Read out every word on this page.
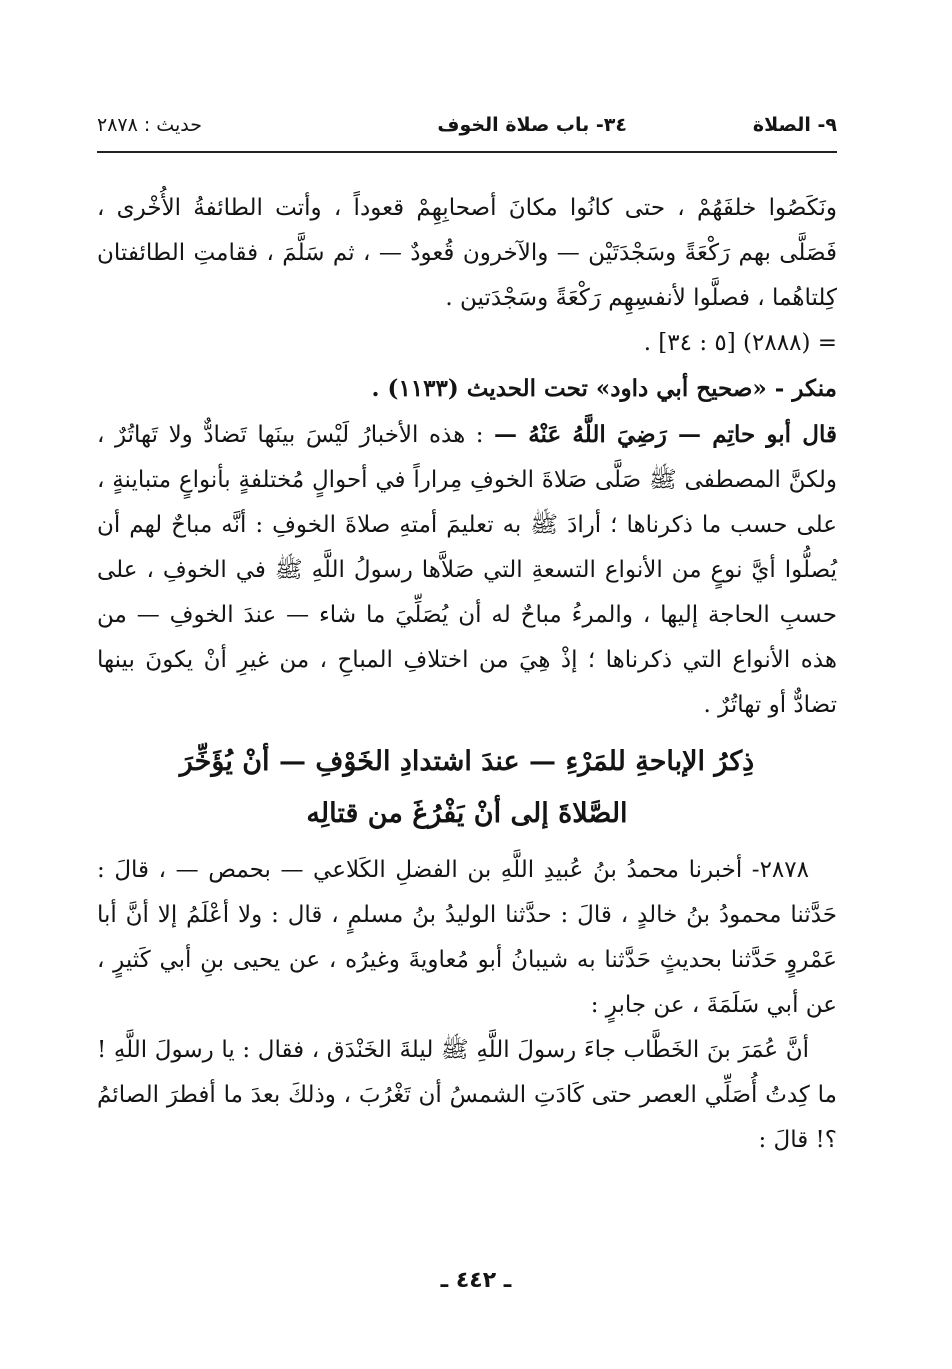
٩- الصلاة
٣٤- باب صلاة الخوف
حديث : ٢٨٧٨

ونَكَصُوا خلفَهُمْ ، حتى كانُوا مكانَ أصحابِهِمْ قعوداً ، وأتت الطائفةُ الأُخْرى ، فَصَلَّى بهم رَكْعَةً وسَجْدَتَيْن — والآخرون قُعودٌ — ، ثم سَلَّمَ ، فقامتِ الطائفتان كِلتاهُما ، فصلَّوا لأنفسِهِم رَكْعَةً وسَجْدَتين .

= (٢٨٨٨) [٥ : ٣٤] .

منكر - «صحيح أبي داود» تحت الحديث (١١٣٣) .

قال أبو حاتِم — رَضِيَ اللَّهُ عَنْهُ — : هذه الأخبارُ لَيْسَ بينَها تَضادٌّ ولا تَهاتُرٌ ، ولكنَّ المصطفى ﷺ صَلَّى صَلاةَ الخوفِ مِراراً في أحوالٍ مُختلفةٍ بأنواعٍ متباينةٍ ، على حسب ما ذكرناها ؛ أرادَ ﷺ به تعليمَ أمتهِ صلاةَ الخوفِ : أنَّه مباحٌ لهم أن يُصلُّوا أيَّ نوعٍ من الأنواع التسعةِ التي صَلاَّها رسولُ اللَّهِ ﷺ في الخوفِ ، على حسبِ الحاجة إليها ، والمرءُ مباحٌ له أن يُصَلِّيَ ما شاء — عندَ الخوفِ — من هذه الأنواع التي ذكرناها ؛ إذْ هِيَ من اختلافِ المباحِ ، من غيرِ أنْ يكونَ بينها تضادٌّ أو تهاتُرٌ .

ذِكرُ الإباحةِ للمَرْءِ — عندَ اشتدادِ الخَوْفِ — أنْ يُؤَخِّرَ
الصَّلاةَ إلى أنْ يَفْرُغَ من قتالِه

٢٨٧٨- أخبرنا محمدُ بنُ عُبيدِ اللَّهِ بن الفضلِ الكَلاعي — بحمص — ، قالَ : حَدَّثنا محمودُ بنُ خالدٍ ، قالَ : حدَّثنا الوليدُ بنُ مسلمٍ ، قال : ولا أعْلَمُ إلا أنَّ أبا عَمْروٍ حَدَّثنا بحديثٍ حَدَّثنا به شيبانُ أبو مُعاويةَ وغيرُه ، عن يحيى بنِ أبي كَثيرٍ ، عن أبي سَلَمَةَ ، عن جابرٍ :

أنَّ عُمَرَ بنَ الخَطَّاب جاءَ رسولَ اللَّهِ ﷺ ليلةَ الخَنْدَق ، فقال : يا رسولَ اللَّهِ ! ما كِدتُ أُصَلِّي العصر حتى كَادَتِ الشمسُ أن تَغْرُبَ ، وذلكَ بعدَ ما أفطرَ الصائمُ ؟! قالَ :

ـ ٤٤٢ ـ
